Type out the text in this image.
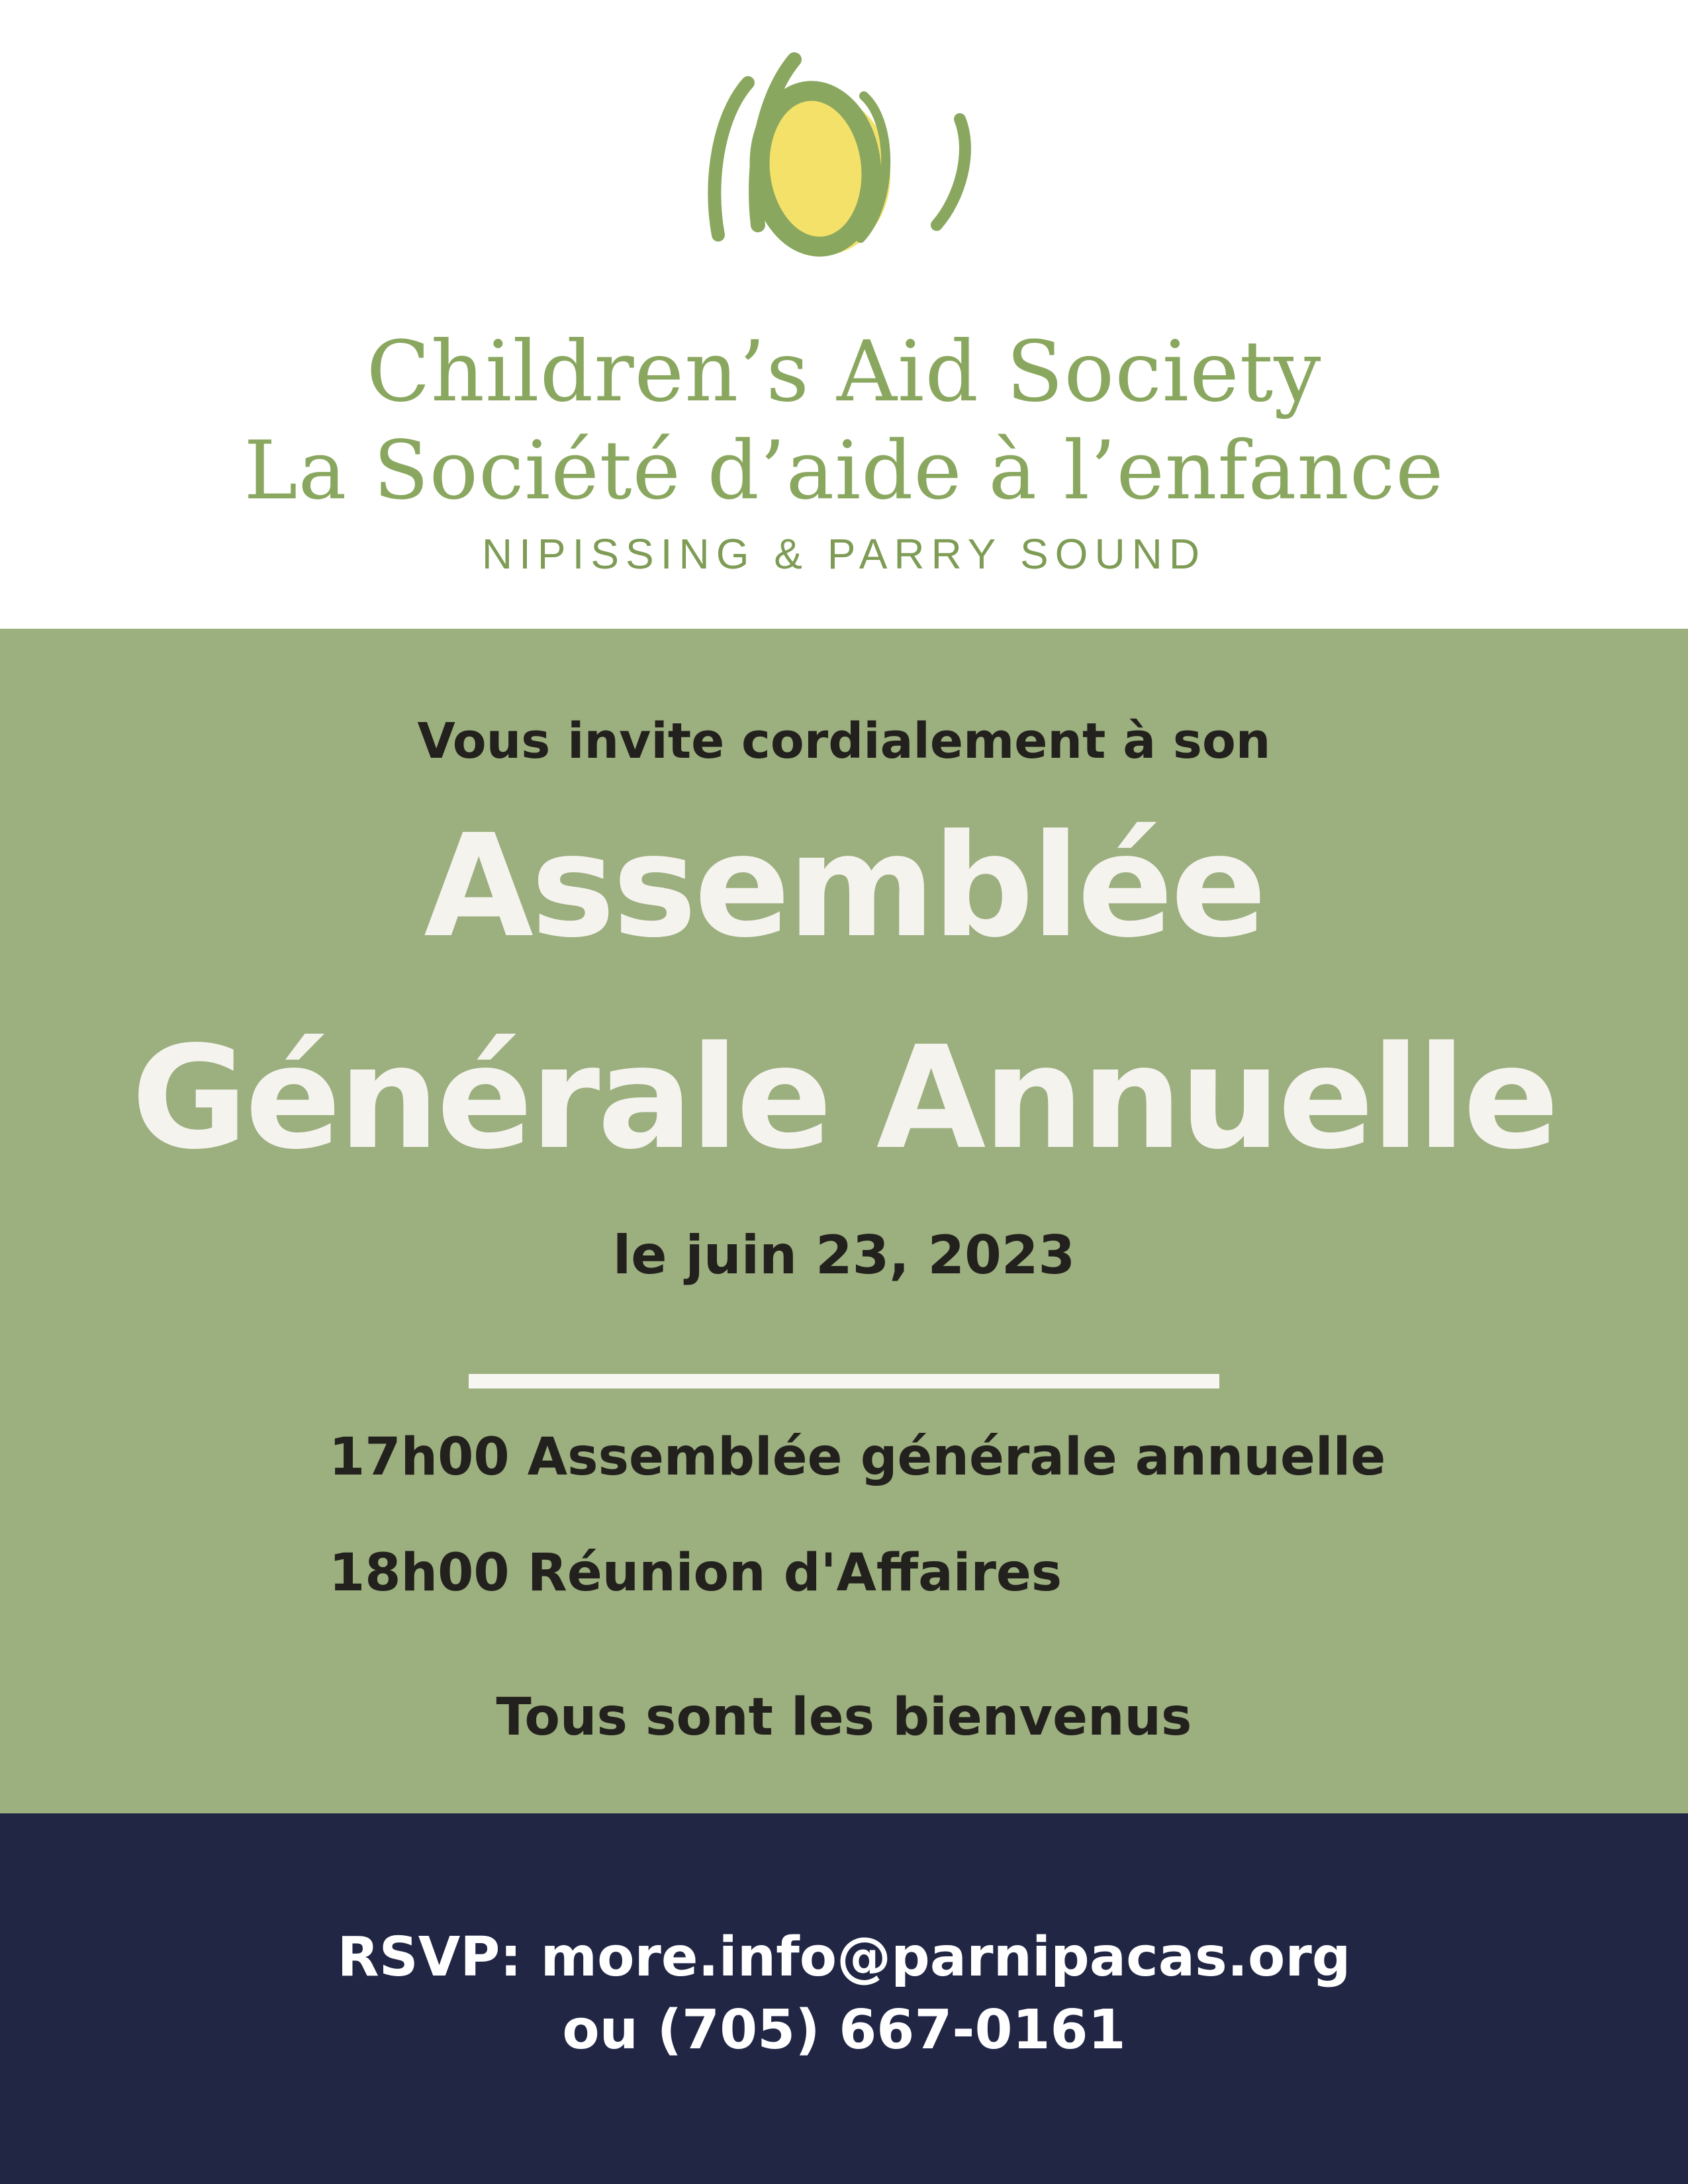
Children’s Aid Society
La Société d’aide à l’enfance
NIPISSING & PARRY SOUND
Vous invite cordialement à son
Assemblée
Générale Annuelle
le juin 23, 2023
17h00 Assemblée générale annuelle
18h00 Réunion d'Affaires
Tous sont les bienvenus
RSVP: more.info@parnipacas.org
ou (705) 667-0161
